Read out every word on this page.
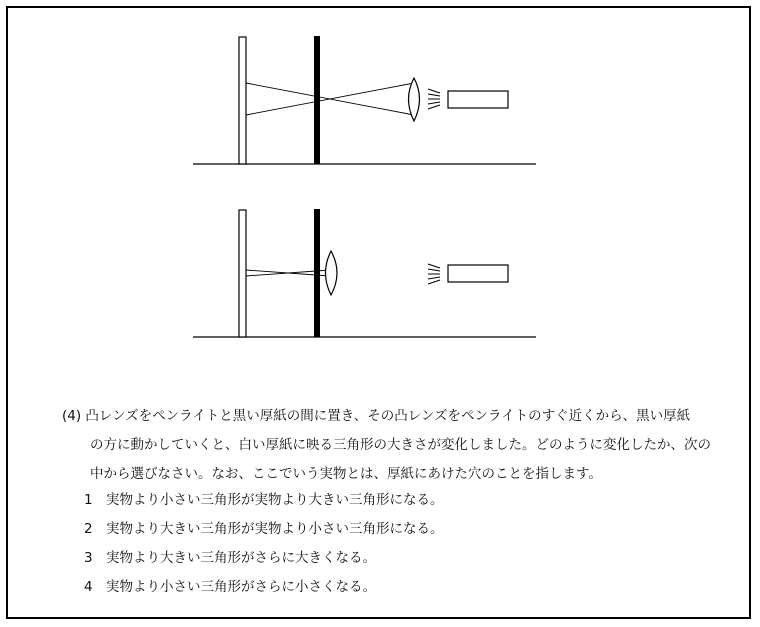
(4) 凸レンズをペンライトと黒い厚紙の間に置き、その凸レンズをペンライトのすぐ近くから、黒い厚紙
の方に動かしていくと、白い厚紙に映る三角形の大きさが変化しました。どのように変化したか、次の
中から選びなさい。なお、ここでいう実物とは、厚紙にあけた穴のことを指します。
1 実物より小さい三角形が実物より大きい三角形になる。
2 実物より大きい三角形が実物より小さい三角形になる。
3 実物より大きい三角形がさらに大きくなる。
4 実物より小さい三角形がさらに小さくなる。
